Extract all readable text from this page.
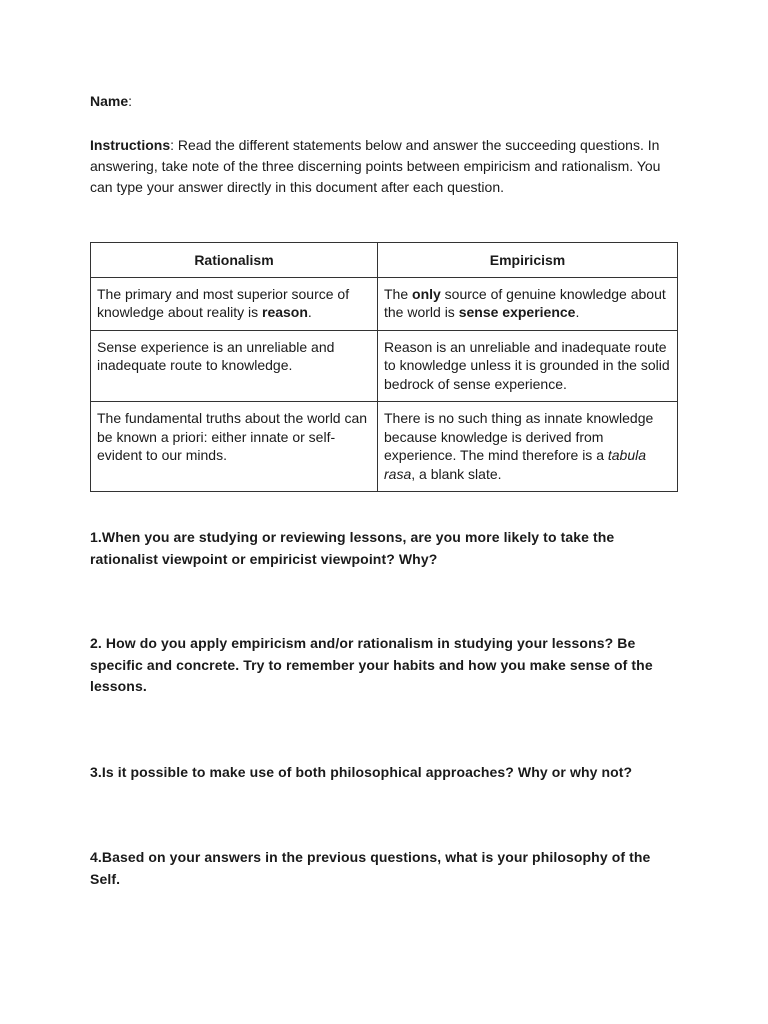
Name:
Instructions: Read the different statements below and answer the succeeding questions. In answering, take note of the three discerning points between empiricism and rationalism. You can type your answer directly in this document after each question.
Rationalism	Empiricism
The primary and most superior source of knowledge about reality is reason.	The only source of genuine knowledge about the world is sense experience.
Sense experience is an unreliable and inadequate route to knowledge.	Reason is an unreliable and inadequate route to knowledge unless it is grounded in the solid bedrock of sense experience.
The fundamental truths about the world can be known a priori: either innate or self-evident to our minds.	There is no such thing as innate knowledge because knowledge is derived from experience. The mind therefore is a tabula rasa, a blank slate.
1.When you are studying or reviewing lessons, are you more likely to take the rationalist viewpoint or empiricist viewpoint? Why?
2. How do you apply empiricism and/or rationalism in studying your lessons? Be specific and concrete. Try to remember your habits and how you make sense of the lessons.
3.Is it possible to make use of both philosophical approaches? Why or why not?
4.Based on your answers in the previous questions, what is your philosophy of the Self.
